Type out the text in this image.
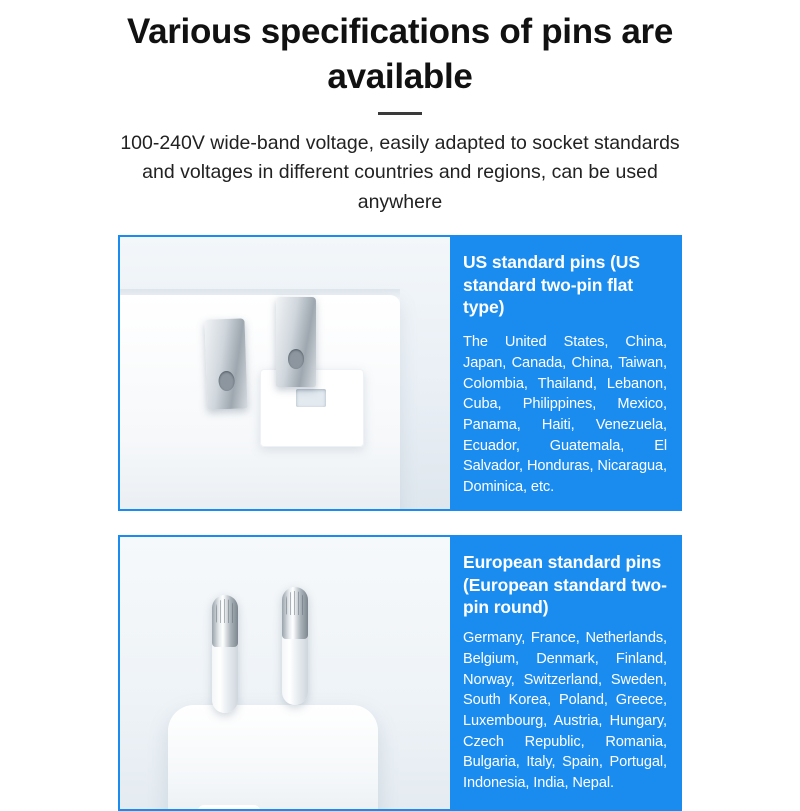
Various specifications of pins are available

100-240V wide-band voltage, easily adapted to socket standards and voltages in different countries and regions, can be used anywhere

US standard pins (US standard two-pin flat type)

The United States, China, Japan, Canada, China, Taiwan, Colombia, Thailand, Lebanon, Cuba, Philippines, Mexico, Panama, Haiti, Venezuela, Ecuador, Guatemala, El Salvador, Honduras, Nicaragua, Dominica, etc.

European standard pins (European standard two-pin round)

Germany, France, Netherlands, Belgium, Denmark, Finland, Norway, Switzerland, Sweden, South Korea, Poland, Greece, Luxembourg, Austria, Hungary, Czech Republic, Romania, Bulgaria, Italy, Spain, Portugal, Indonesia, India, Nepal.
